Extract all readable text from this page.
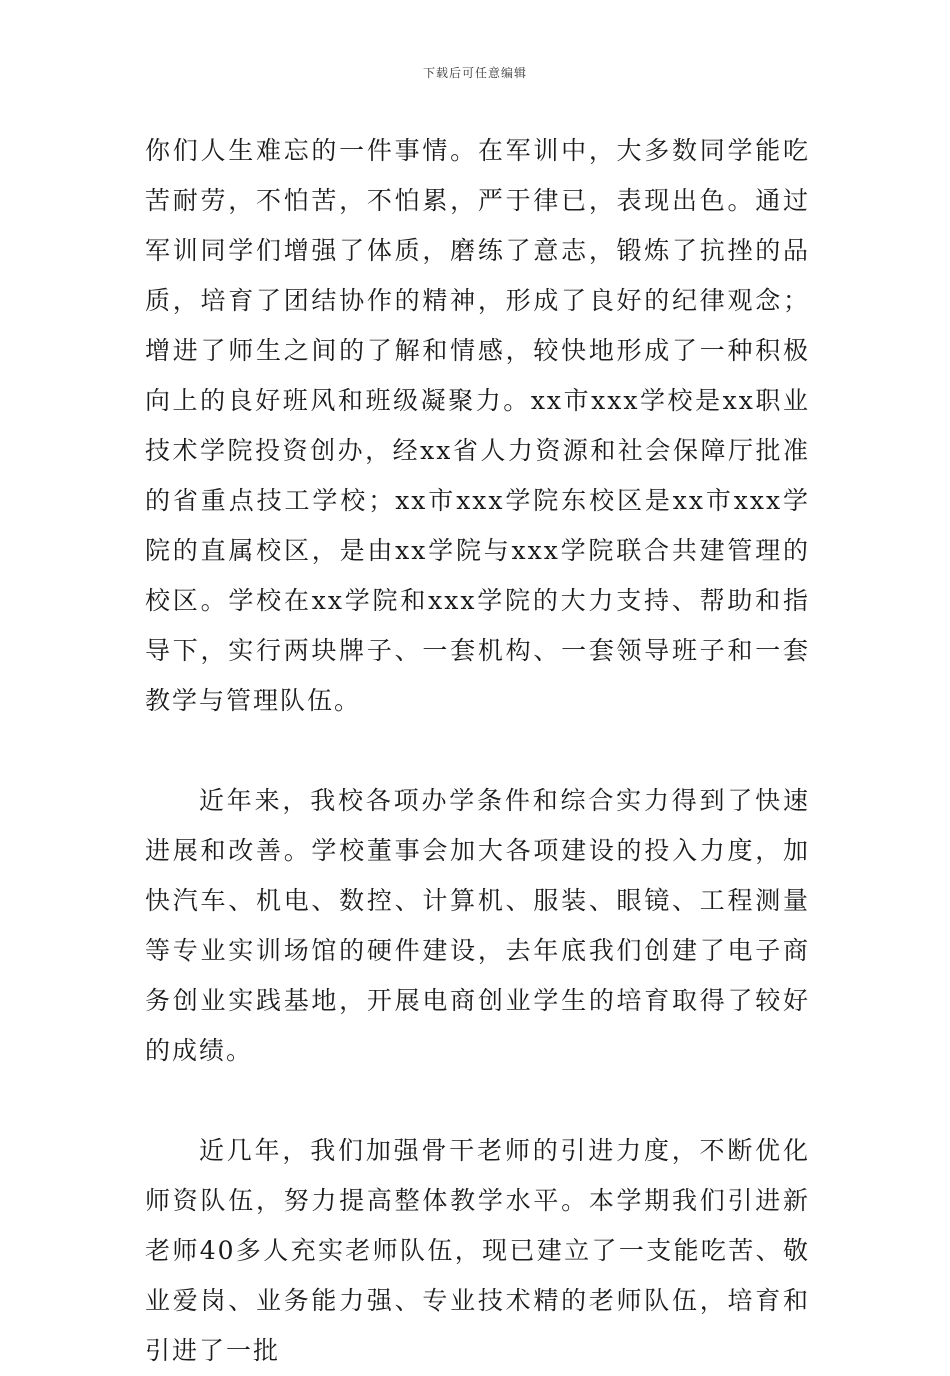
下载后可任意编辑

你们人生难忘的一件事情。在军训中，大多数同学能吃苦耐劳，不怕苦，不怕累，严于律已，表现出色。通过军训同学们增强了体质，磨练了意志，锻炼了抗挫的品质，培育了团结协作的精神，形成了良好的纪律观念；增进了师生之间的了解和情感，较快地形成了一种积极向上的良好班风和班级凝聚力。xx市xxx学校是xx职业技术学院投资创办，经xx省人力资源和社会保障厅批准的省重点技工学校；xx市xxx学院东校区是xx市xxx学院的直属校区，是由xx学院与xxx学院联合共建管理的校区。学校在xx学院和xxx学院的大力支持、帮助和指导下，实行两块牌子、一套机构、一套领导班子和一套教学与管理队伍。

近年来，我校各项办学条件和综合实力得到了快速进展和改善。学校董事会加大各项建设的投入力度，加快汽车、机电、数控、计算机、服装、眼镜、工程测量等专业实训场馆的硬件建设，去年底我们创建了电子商务创业实践基地，开展电商创业学生的培育取得了较好的成绩。

近几年，我们加强骨干老师的引进力度，不断优化师资队伍，努力提高整体教学水平。本学期我们引进新老师40多人充实老师队伍，现已建立了一支能吃苦、敬业爱岗、业务能力强、专业技术精的老师队伍，培育和引进了一批
